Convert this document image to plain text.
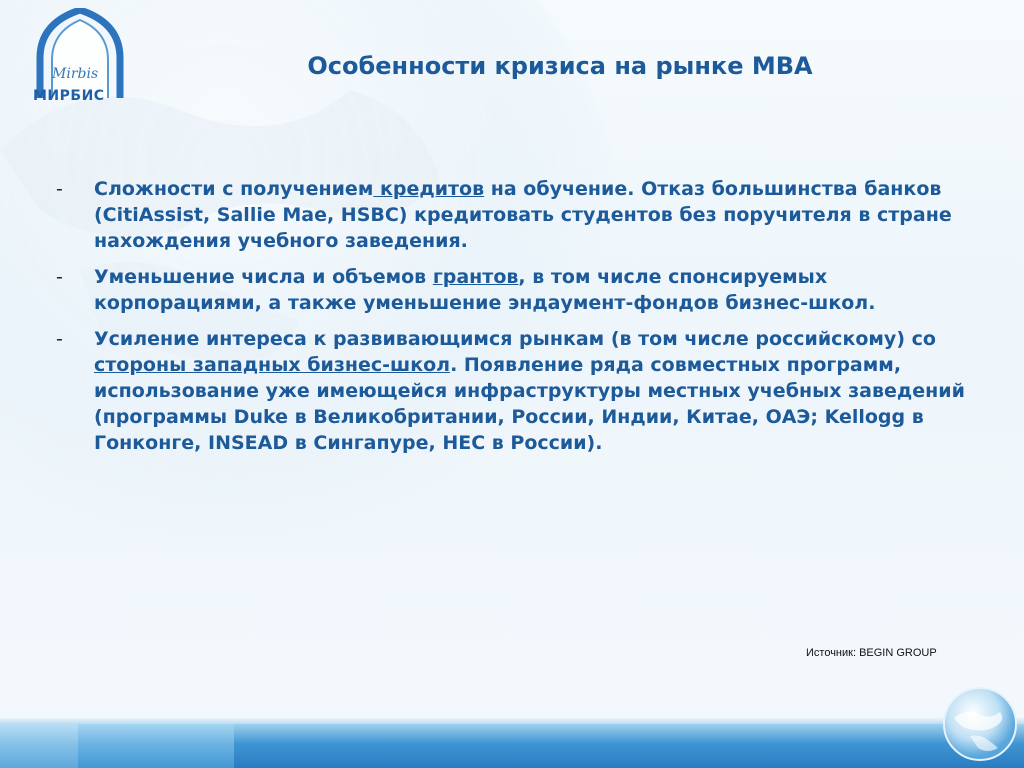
Mirbis
МИРБИС
Особенности кризиса на рынке МВА
- Сложности с получением кредитов на обучение. Отказ большинства банков (CitiAssist, Sallie Mae, HSBC) кредитовать студентов без поручителя в стране нахождения учебного заведения.
- Уменьшение числа и объемов грантов, в том числе спонсируемых корпорациями, а также уменьшение эндаумент-фондов бизнес-школ.
- Усиление интереса к развивающимся рынкам (в том числе российскому) со стороны западных бизнес-школ. Появление ряда совместных программ, использование уже имеющейся инфраструктуры местных учебных заведений (программы Duke в Великобритании, России, Индии, Китае, ОАЭ; Kellogg в Гонконге, INSEAD в Сингапуре, НЕС в России).
Источник: BEGIN GROUP
